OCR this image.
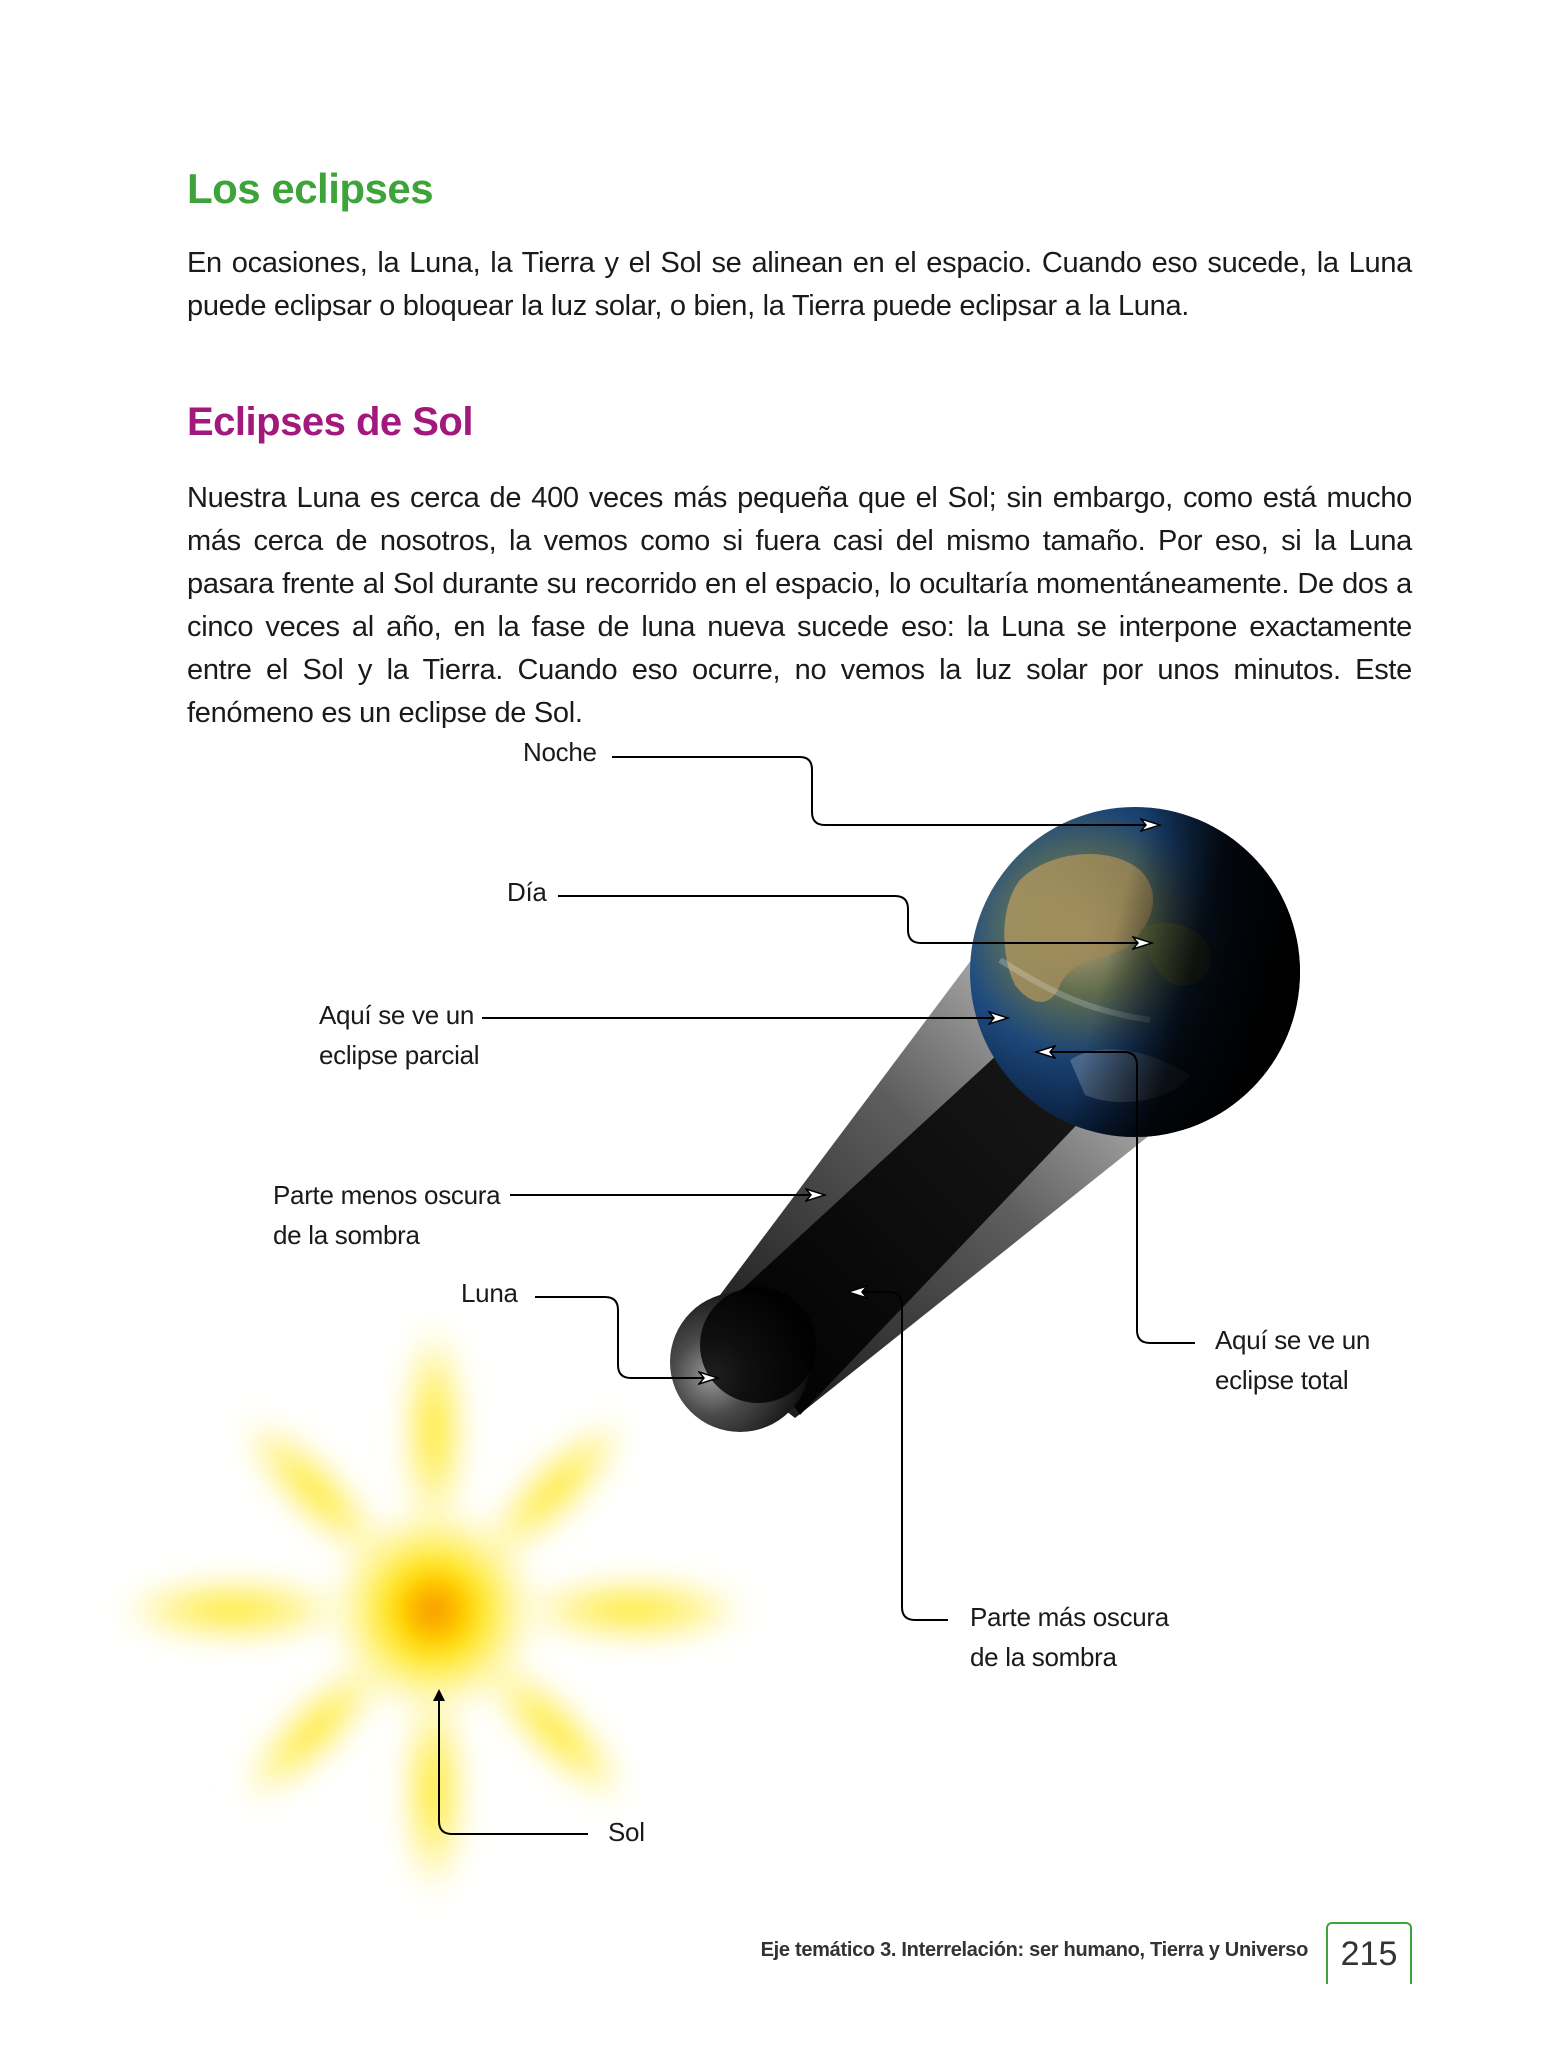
Los eclipses

En ocasiones, la Luna, la Tierra y el Sol se alinean en el espacio. Cuando eso sucede, la Luna puede eclipsar o bloquear la luz solar, o bien, la Tierra puede eclipsar a la Luna.

Eclipses de Sol

Nuestra Luna es cerca de 400 veces más pequeña que el Sol; sin embargo, como está mucho más cerca de nosotros, la vemos como si fuera casi del mismo tamaño. Por eso, si la Luna pasara frente al Sol durante su recorrido en el espacio, lo ocultaría momentáneamente. De dos a cinco veces al año, en la fase de luna nueva sucede eso: la Luna se interpone exactamente entre el Sol y la Tierra. Cuando eso ocurre, no vemos la luz solar por unos minutos. Este fenómeno es un eclipse de Sol.

Noche

Día

Aquí se ve un
eclipse parcial
Parte menos oscura
de la sombra

Luna

Aquí se ve un
eclipse total
Parte más oscura
de la sombra

Sol

Eje temático 3. Interrelación: ser humano, Tierra y Universo 215
